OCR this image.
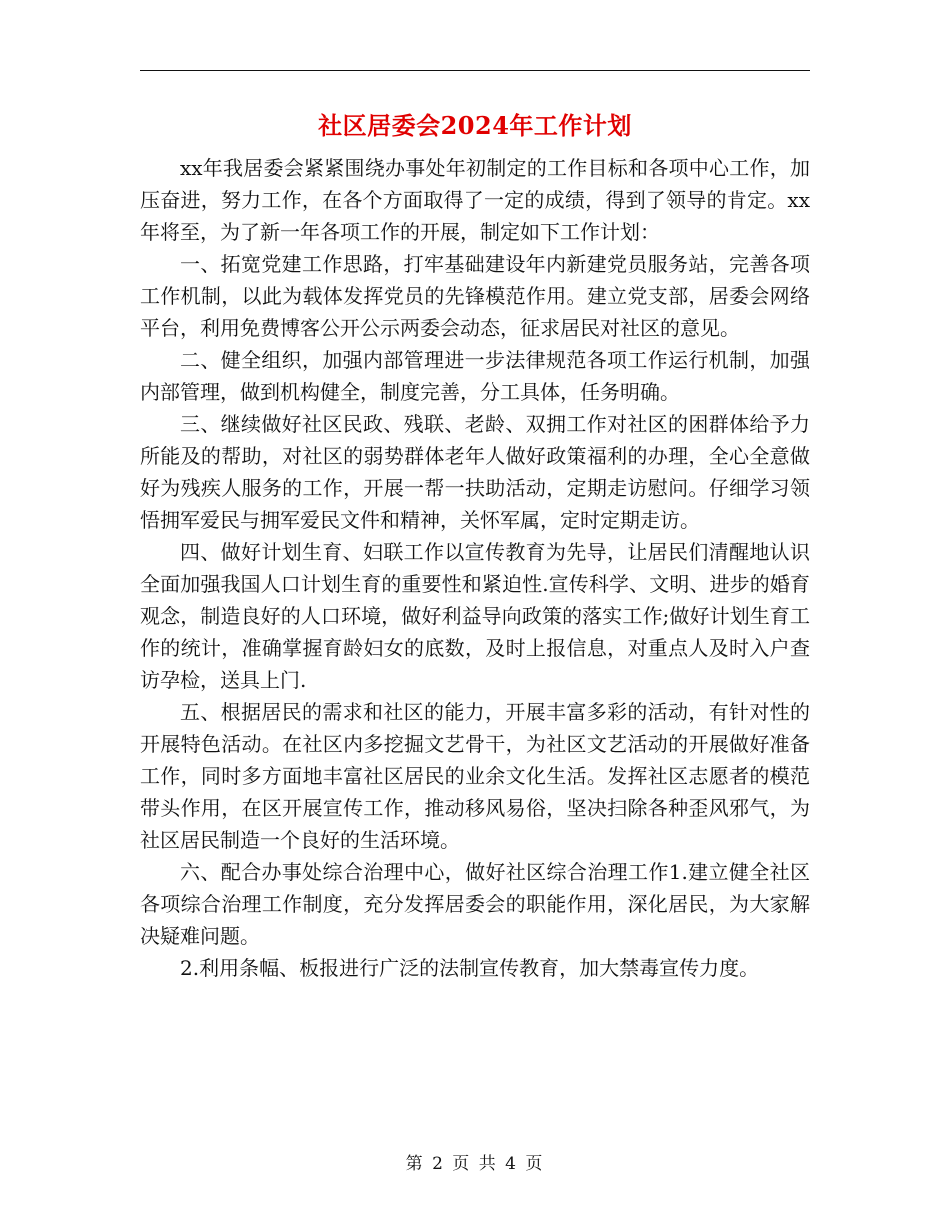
社区居委会2024年工作计划

xx年我居委会紧紧围绕办事处年初制定的工作目标和各项中心工作，加压奋进，努力工作，在各个方面取得了一定的成绩，得到了领导的肯定。xx年将至，为了新一年各项工作的开展，制定如下工作计划：

一、拓宽党建工作思路，打牢基础建设年内新建党员服务站，完善各项工作机制，以此为载体发挥党员的先锋模范作用。建立党支部，居委会网络平台，利用免费博客公开公示两委会动态，征求居民对社区的意见。

二、健全组织，加强内部管理进一步法律规范各项工作运行机制，加强内部管理，做到机构健全，制度完善，分工具体，任务明确。

三、继续做好社区民政、残联、老龄、双拥工作对社区的困群体给予力所能及的帮助，对社区的弱势群体老年人做好政策福利的办理，全心全意做好为残疾人服务的工作，开展一帮一扶助活动，定期走访慰问。仔细学习领悟拥军爱民与拥军爱民文件和精神，关怀军属，定时定期走访。

四、做好计划生育、妇联工作以宣传教育为先导，让居民们清醒地认识全面加强我国人口计划生育的重要性和紧迫性.宣传科学、文明、进步的婚育观念，制造良好的人口环境，做好利益导向政策的落实工作;做好计划生育工作的统计，准确掌握育龄妇女的底数，及时上报信息，对重点人及时入户查访孕检，送具上门.

五、根据居民的需求和社区的能力，开展丰富多彩的活动，有针对性的开展特色活动。在社区内多挖掘文艺骨干，为社区文艺活动的开展做好准备工作，同时多方面地丰富社区居民的业余文化生活。发挥社区志愿者的模范带头作用，在区开展宣传工作，推动移风易俗，坚决扫除各种歪风邪气，为社区居民制造一个良好的生活环境。

六、配合办事处综合治理中心，做好社区综合治理工作1.建立健全社区各项综合治理工作制度，充分发挥居委会的职能作用，深化居民，为大家解决疑难问题。

2.利用条幅、板报进行广泛的法制宣传教育，加大禁毒宣传力度。

第 2 页 共 4 页
